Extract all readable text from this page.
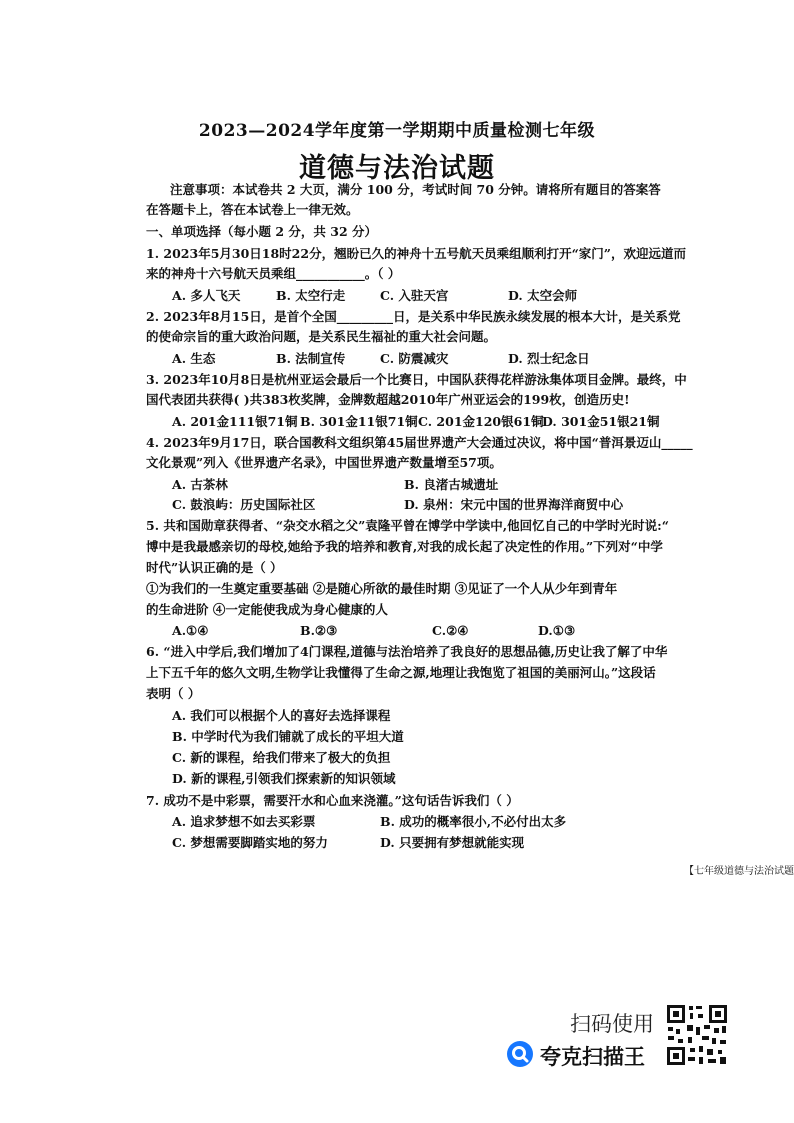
2023—2024学年度第一学期期中质量检测七年级
道德与法治试题
注意事项：本试卷共 2 大页，满分 100 分，考试时间 70 分钟。请将所有题目的答案答
在答题卡上，答在本试卷上一律无效。
一、单项选择（每小题 2 分，共 32 分）
1. 2023年5月30日18时22分，翘盼已久的神舟十五号航天员乘组顺利打开“家门”，欢迎远道而
来的神舟十六号航天员乘组___________。（ ）
A. 多人飞天	B. 太空行走	C. 入驻天宫	D. 太空会师
2. 2023年8月15日，是首个全国_________日，是关系中华民族永续发展的根本大计，是关系党
的使命宗旨的重大政治问题，是关系民生福祉的重大社会问题。
A. 生态	B. 法制宣传	C. 防震减灾	D. 烈士纪念日
3. 2023年10月8日是杭州亚运会最后一个比赛日，中国队获得花样游泳集体项目金牌。最终，中
国代表团共获得( )共383枚奖牌，金牌数超越2010年广州亚运会的199枚，创造历史!
A. 201金111银71铜 B. 301金11银71铜 C. 201金120银61铜
D. 301金51银21铜
4. 2023年9月17日，联合国教科文组织第45届世界遗产大会通过决议，将中国“普洱景迈山_____
文化景观”列入《世界遗产名录》，中国世界遗产数量增至57项。
A. 古茶林	B. 良渚古城遗址
C. 鼓浪屿：历史国际社区	D. 泉州：宋元中国的世界海洋商贸中心
5. 共和国勋章获得者、“杂交水稻之父”袁隆平曾在博学中学读中,他回忆自己的中学时光时说:“
博中是我最感亲切的母校,她给予我的培养和教育,对我的成长起了决定性的作用。”下列对“中学
时代”认识正确的是（ ）
①为我们的一生奠定重要基础 ②是随心所欲的最佳时期 ③见证了一个人从少年到青年
的生命进阶 ④一定能使我成为身心健康的人
A.①④	B.②③	C.②④	D.①③
6. “进入中学后,我们增加了4门课程,道德与法治培养了我良好的思想品德,历史让我了解了中华
上下五千年的悠久文明,生物学让我懂得了生命之源,地理让我饱览了祖国的美丽河山。”这段话
表明（ ）
A. 我们可以根据个人的喜好去选择课程
B. 中学时代为我们铺就了成长的平坦大道
C. 新的课程，给我们带来了极大的负担
D. 新的课程,引领我们探索新的知识领域
7. 成功不是中彩票，需要汗水和心血来浇灌。”这句话告诉我们（ ）
A. 追求梦想不如去买彩票	B. 成功的概率很小,不必付出太多
C. 梦想需要脚踏实地的努力	D. 只要拥有梦想就能实现
【七年级道德与法治试题
扫码使用
夸克扫描王
